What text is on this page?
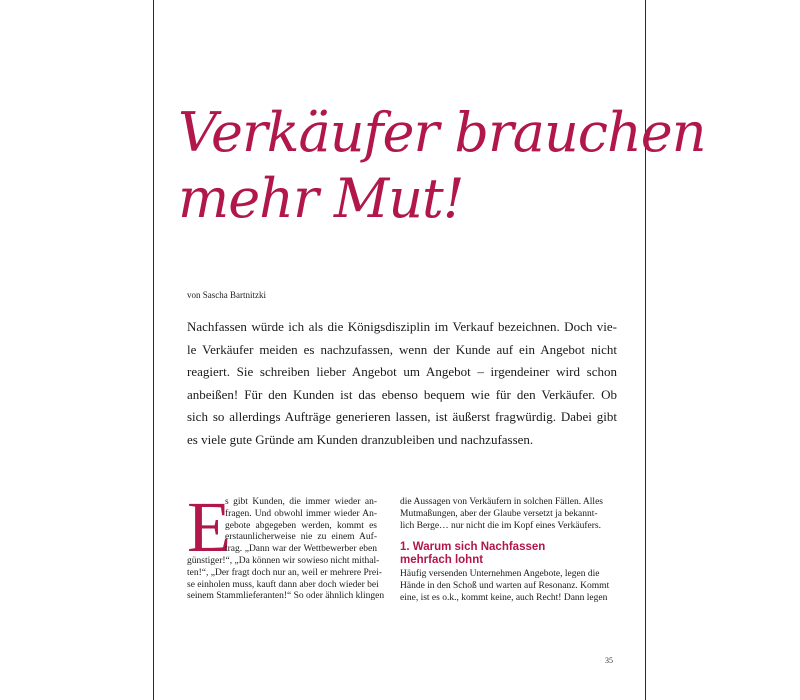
Verkäufer brauchen
mehr Mut!
von Sascha Bartnitzki
Nachfassen würde ich als die Königsdisziplin im Verkauf bezeichnen. Doch vie-
le Verkäufer meiden es nachzufassen, wenn der Kunde auf ein Angebot nicht
reagiert. Sie schreiben lieber Angebot um Angebot – irgendeiner wird schon
anbeißen! Für den Kunden ist das ebenso bequem wie für den Verkäufer. Ob
sich so allerdings Aufträge generieren lassen, ist äußerst fragwürdig. Dabei gibt
es viele gute Gründe am Kunden dranzubleiben und nachzufassen.
E
s gibt Kunden, die immer wieder an-
fragen. Und obwohl immer wieder An-
gebote abgegeben werden, kommt es
erstaunlicherweise nie zu einem Auf-
trag. „Dann war der Wettbewerber eben
günstiger!“, „Da können wir sowieso nicht mithal-
ten!“, „Der fragt doch nur an, weil er mehrere Prei-
se einholen muss, kauft dann aber doch wieder bei
seinem Stammlieferanten!“ So oder ähnlich klingen
die Aussagen von Verkäufern in solchen Fällen. Alles
Mutmaßungen, aber der Glaube versetzt ja bekannt-
lich Berge… nur nicht die im Kopf eines Verkäufers.
1. Warum sich Nachfassen
mehrfach lohnt
Häufig versenden Unternehmen Angebote, legen die
Hände in den Schoß und warten auf Resonanz. Kommt
eine, ist es o.k., kommt keine, auch Recht! Dann legen
35
